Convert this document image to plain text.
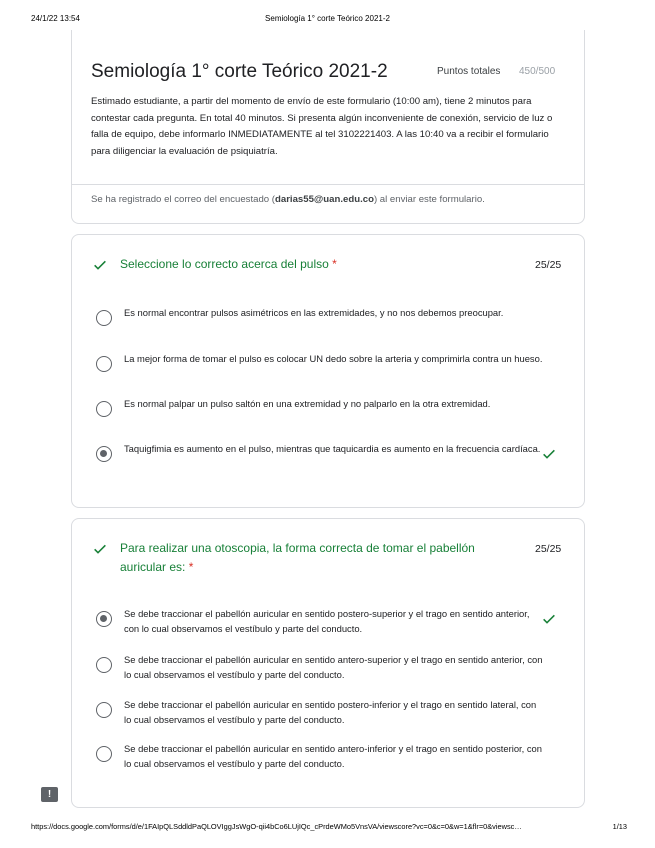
24/1/22 13:54	Semiología 1° corte Teórico 2021-2
Semiología 1° corte Teórico 2021-2	Puntos totales 450/500
Estimado estudiante, a partir del momento de envío de este formulario (10:00 am), tiene 2 minutos para contestar cada pregunta. En total 40 minutos. Si presenta algún inconveniente de conexión, servicio de luz o falla de equipo, debe informarlo INMEDIATAMENTE al tel 3102221403. A las 10:40 va a recibir el formulario para diligenciar la evaluación de psiquiatría.
Se ha registrado el correo del encuestado (darias55@uan.edu.co) al enviar este formulario.
Seleccione lo correcto acerca del pulso *	25/25
Es normal encontrar pulsos asimétricos en las extremidades, y no nos debemos preocupar.
La mejor forma de tomar el pulso es colocar UN dedo sobre la arteria y comprimirla contra un hueso.
Es normal palpar un pulso saltón en una extremidad y no palparlo en la otra extremidad.
Taquigfimia es aumento en el pulso, mientras que taquicardia es aumento en la frecuencia cardíaca.
Para realizar una otoscopia, la forma correcta de tomar el pabellón auricular es: *
25/25
Se debe traccionar el pabellón auricular en sentido postero-superior y el trago en sentido anterior, con lo cual observamos el vestíbulo y parte del conducto.
Se debe traccionar el pabellón auricular en sentido antero-superior y el trago en sentido anterior, con lo cual observamos el vestíbulo y parte del conducto.
Se debe traccionar el pabellón auricular en sentido postero-inferior y el trago en sentido lateral, con lo cual observamos el vestíbulo y parte del conducto.
Se debe traccionar el pabellón auricular en sentido antero-inferior y el trago en sentido posterior, con lo cual observamos el vestíbulo y parte del conducto.
!
https://docs.google.com/forms/d/e/1FAIpQLSddldPaQLOVIggJsWgO-qii4bCo6LUjIQc_cPrdeWMo5VnsVA/viewscore?vc=0&c=0&w=1&flr=0&viewsc…	1/13
